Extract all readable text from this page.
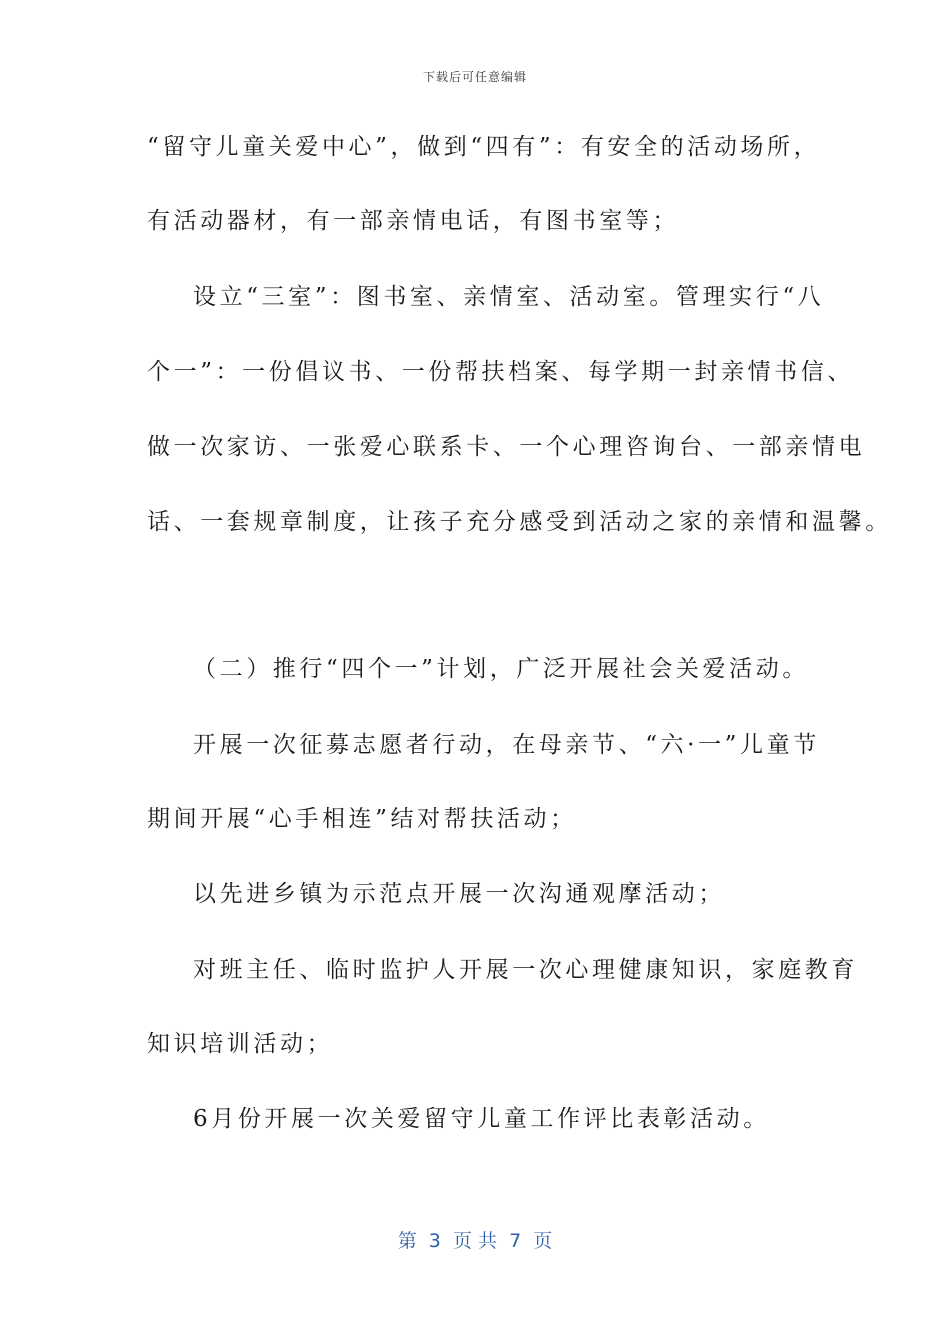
下载后可任意编辑
“留守儿童关爱中心”，做到“四有”：有安全的活动场所，
有活动器材，有一部亲情电话，有图书室等；
设立“三室”：图书室、亲情室、活动室。管理实行“八
个一”：一份倡议书、一份帮扶档案、每学期一封亲情书信、
做一次家访、一张爱心联系卡、一个心理咨询台、一部亲情电
话、一套规章制度，让孩子充分感受到活动之家的亲情和温馨。
（二）推行“四个一”计划，广泛开展社会关爱活动。
开展一次征募志愿者行动，在母亲节、“六·一”儿童节
期间开展“心手相连”结对帮扶活动；
以先进乡镇为示范点开展一次沟通观摩活动；
对班主任、临时监护人开展一次心理健康知识，家庭教育
知识培训活动；
6月份开展一次关爱留守儿童工作评比表彰活动。
第  3  页 共  7  页
